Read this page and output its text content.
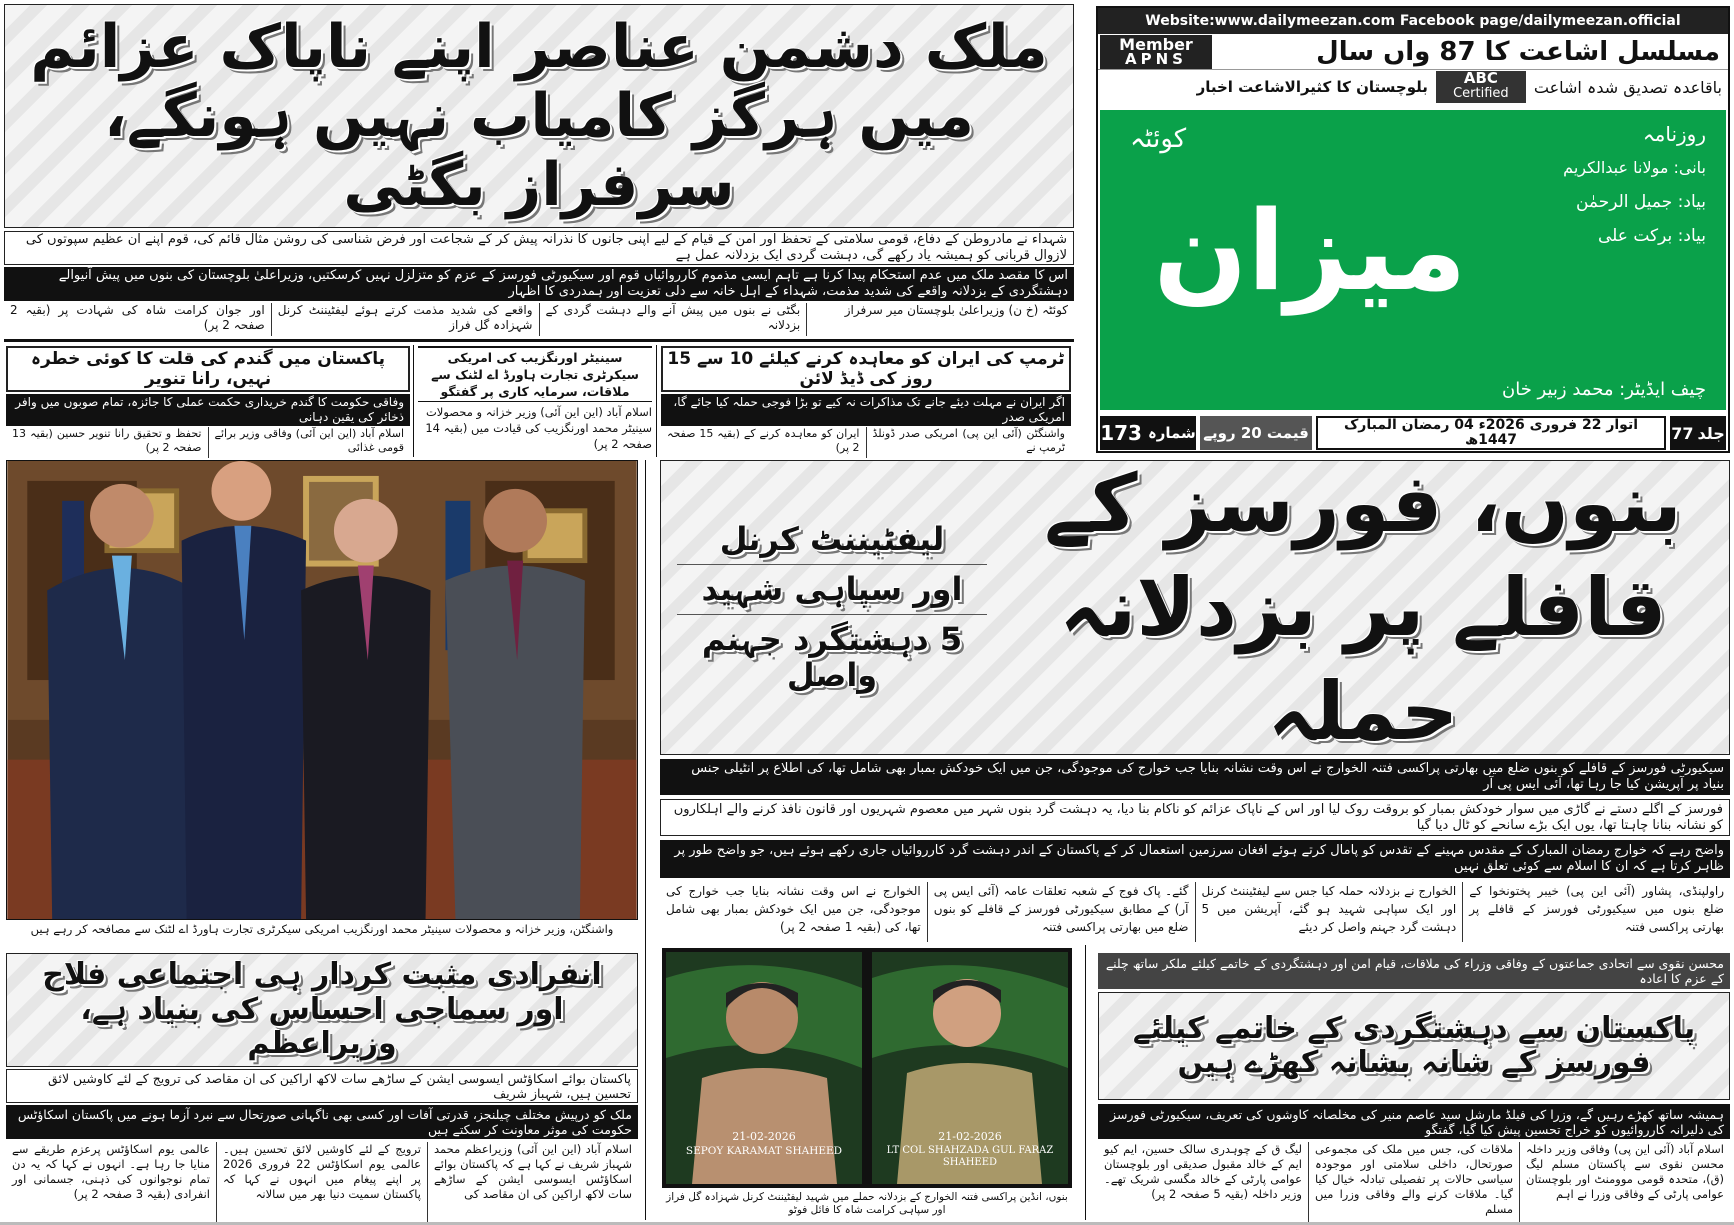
ملک دشمن عناصر اپنے ناپاک عزائم میں ہرگز کامیاب نہیں ہونگے، سرفراز بگٹی
شہداء نے مادروطن کے دفاع، قومی سلامتی کے تحفظ اور امن کے قیام کے لیے اپنی جانوں کا نذرانہ پیش کر کے شجاعت اور فرض شناسی کی روشن مثال قائم کی، قوم اپنے ان عظیم سپوتوں کی لازوال قربانی کو ہمیشہ یاد رکھے گی، دہشت گردی ایک بزدلانہ عمل ہے
اس کا مقصد ملک میں عدم استحکام پیدا کرنا ہے تاہم ایسی مذموم کارروائیاں قوم اور سیکیورٹی فورسز کے عزم کو متزلزل نہیں کرسکتیں، وزیراعلیٰ بلوچستان کی بنوں میں پیش آنیوالے دہشتگردی کے بزدلانہ واقعے کی شدید مذمت، شہداء کے اہل خانہ سے دلی تعزیت اور ہمدردی کا اظہار
کوئٹہ (خ ن) وزیراعلیٰ بلوچستان میر سرفراز
بگٹی نے بنوں میں پیش آنے والے دہشت گردی کے بزدلانہ
واقعے کی شدید مذمت کرتے ہوئے لیفٹیننٹ کرنل شہزادہ گل فراز
اور جوان کرامت شاہ کی شہادت پر (بقیہ 2 صفحہ 2 پر)
Website:www.dailymeezan.com Facebook page/dailymeezan.official
Member
APNS	مسلسل اشاعت کا 87 واں سال
باقاعدہ تصدیق شدہ اشاعت
ABC
Certified
بلوچستان کا کثیرالاشاعت اخبار
کوئٹہ
میزان
روزنامہ
بانی: مولانا عبدالکریم
بیاد: جمیل الرحمٰن
بیاد: برکت علی
چیف ایڈیٹر: محمد زبیر خان
جلد
77
اتوار 22 فروری 2026ء 04 رمضان المبارک 1447ھ
قیمت 20 روپے
شمارہ
173
پاکستان میں گندم کی قلت کا کوئی خطرہ نہیں، رانا تنویر
وفاقی حکومت کا گندم خریداری حکمت عملی کا جائزہ، تمام صوبوں میں وافر ذخائر کی یقین دہانی
اسلام آباد (این این آئی) وفاقی وزیر برائے قومی غذائی
تحفظ و تحقیق رانا تنویر حسین (بقیہ 13 صفحہ 2 پر)
سینیٹر اورنگزیب کی امریکی سیکرٹری تجارت ہاورڈ اے لٹنک سے ملاقات، سرمایہ کاری پر گفتگو
اسلام آباد (این این آئی) وزیر خزانہ و محصولات سینیٹر محمد اورنگزیب کی قیادت میں (بقیہ 14 صفحہ 2 پر)
ٹرمپ کی ایران کو معاہدہ کرنے کیلئے 10 سے 15 روز کی ڈیڈ لائن
اگر ایران نے مہلت دیئے جانے تک مذاکرات نہ کیے تو بڑا فوجی حملہ کیا جائے گا، امریکی صدر
واشنگٹن (آئی این پی) امریکی صدر ڈونلڈ ٹرمپ نے
ایران کو معاہدہ کرنے کے (بقیہ 15 صفحہ 2 پر)
واشنگٹن، وزیر خزانہ و محصولات سینیٹر محمد اورنگزیب امریکی سیکرٹری تجارت ہاورڈ اے لٹنک سے مصافحہ کر رہے ہیں
بنوں، فورسز کے قافلے پر بزدلانہ حملہ
لیفٹیننٹ کرنل
اور سپاہی شہید
5 دہشتگرد جہنم واصل
سیکیورٹی فورسز کے قافلے کو بنوں ضلع میں بھارتی پراکسی فتنہ الخوارج نے اس وقت نشانہ بنایا جب خوارج کی موجودگی، جن میں ایک خودکش بمبار بھی شامل تھا، کی اطلاع پر انٹیلی جنس بنیاد پر آپریشن کیا جا رہا تھا، آئی ایس پی آر
فورسز کے اگلے دستے نے گاڑی میں سوار خودکش بمبار کو بروقت روک لیا اور اس کے ناپاک عزائم کو ناکام بنا دیا، یہ دہشت گرد بنوں شہر میں معصوم شہریوں اور قانون نافذ کرنے والے اہلکاروں کو نشانہ بنانا چاہتا تھا، یوں ایک بڑے سانحے کو ٹال دیا گیا
واضح رہے کہ خوارج رمضان المبارک کے مقدس مہینے کے تقدس کو پامال کرتے ہوئے افغان سرزمین استعمال کر کے پاکستان کے اندر دہشت گرد کارروائیاں جاری رکھے ہوئے ہیں، جو واضح طور پر ظاہر کرتا ہے کہ ان کا اسلام سے کوئی تعلق نہیں
راولپنڈی، پشاور (آئی این پی) خیبر پختونخوا کے ضلع بنوں میں سیکیورٹی فورسز کے قافلے پر بھارتی پراکسی فتنہ
الخوارج نے بزدلانہ حملہ کیا جس سے لیفٹیننٹ کرنل اور ایک سپاہی شہید ہو گئے، آپریشن میں 5 دہشت گرد جہنم واصل کر دیئے
گئے۔ پاک فوج کے شعبہ تعلقات عامہ (آئی ایس پی آر) کے مطابق سیکیورٹی فورسز کے قافلے کو بنوں ضلع میں بھارتی پراکسی فتنہ
الخوارج نے اس وقت نشانہ بنایا جب خوارج کی موجودگی، جن میں ایک خودکش بمبار بھی شامل تھا، کی (بقیہ 1 صفحہ 2 پر)
21-02-2026
SEPOY KARAMAT SHAHEED
21-02-2026
LT COL SHAHZADA GUL FARAZ SHAHEED
بنوں، انڈین پراکسی فتنہ الخوارج کے بزدلانہ حملے میں شہید لیفٹیننٹ کرنل شہزادہ گل فراز اور سپاہی کرامت شاہ کا فائل فوٹو
انفرادی مثبت کردار ہی اجتماعی فلاح اور سماجی احساس کی بنیاد ہے، وزیراعظم
پاکستان بوائے اسکاؤٹس ایسوسی ایشن کے ساڑھے سات لاکھ اراکین کی ان مقاصد کی ترویج کے لئے کاوشیں لائق تحسین ہیں، شہباز شریف
ملک کو درپیش مختلف چیلنجز، قدرتی آفات اور کسی بھی ناگہانی صورتحال سے نبرد آزما ہونے میں پاکستان اسکاؤٹس حکومت کی موثر معاونت کر سکتے ہیں
اسلام آباد (این این آئی) وزیراعظم محمد شہباز شریف نے کہا ہے کہ پاکستان بوائے اسکاؤٹس ایسوسی ایشن کے ساڑھے سات لاکھ اراکین کی ان مقاصد کی
ترویج کے لئے کاوشیں لائق تحسین ہیں۔ عالمی یوم اسکاؤٹس 22 فروری 2026 پر اپنے پیغام میں انہوں نے کہا کہ پاکستان سمیت دنیا بھر میں سالانہ
عالمی یوم اسکاؤٹس پرعزم طریقے سے منایا جا رہا ہے۔ انہوں نے کہا کہ یہ دن تمام نوجوانوں کی ذہنی، جسمانی اور انفرادی (بقیہ 3 صفحہ 2 پر)
محسن نقوی سے اتحادی جماعتوں کے وفاقی وزراء کی ملاقات، قیام امن اور دہشتگردی کے خاتمے کیلئے ملکر ساتھ چلنے کے عزم کا اعادہ
پاکستان سے دہشتگردی کے خاتمے کیلئے فورسز کے شانہ بشانہ کھڑے ہیں
ہمیشہ ساتھ کھڑے رہیں گے، وزرا کی فیلڈ مارشل سید عاصم منیر کی مخلصانہ کاوشوں کی تعریف، سیکیورٹی فورسز کی دلیرانہ کارروائیوں کو خراج تحسین پیش کیا گیا، گفتگو
اسلام آباد (آئی این پی) وفاقی وزیر داخلہ محسن نقوی سے پاکستان مسلم لیگ (ق)، متحدہ قومی موومنٹ اور بلوچستان عوامی پارٹی کے وفاقی وزرا نے اہم
ملاقات کی، جس میں ملک کی مجموعی صورتحال، داخلی سلامتی اور موجودہ سیاسی حالات پر تفصیلی تبادلہ خیال کیا گیا۔ ملاقات کرنے والے وفاقی وزرا میں مسلم
لیگ ق کے چوہدری سالک حسین، ایم کیو ایم کے خالد مقبول صدیقی اور بلوچستان عوامی پارٹی کے خالد مگسی شریک تھے۔ وزیر داخلہ (بقیہ 5 صفحہ 2 پر)
